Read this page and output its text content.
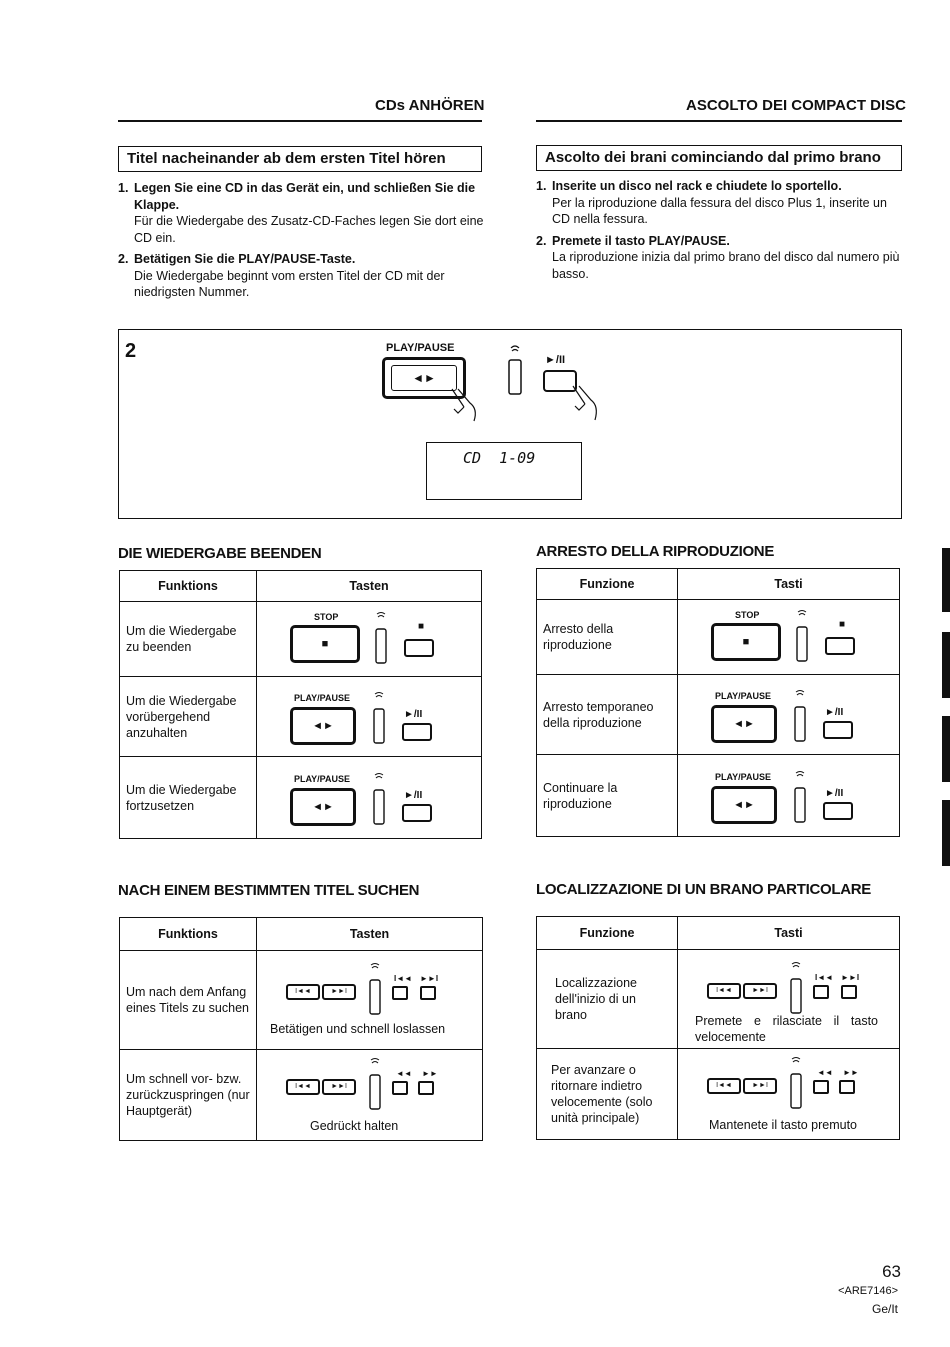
CDs ANHÖREN	ASCOLTO DEI COMPACT DISC
Titel nacheinander ab dem ersten Titel hören	Ascolto dei brani cominciando dal primo brano
1. Legen Sie eine CD in das Gerät ein, und schließen Sie die Klappe.
Für die Wiedergabe des Zusatz-CD-Faches legen Sie dort eine CD ein.
2. Betätigen Sie die PLAY/PAUSE-Taste.
Die Wiedergabe beginnt vom ersten Titel der CD mit der niedrigsten Nummer.
1. Inserite un disco nel rack e chiudete lo sportello.
Per la riproduzione dalla fessura del disco Plus 1, inserite un CD nella fessura.
2. Premete il tasto PLAY/PAUSE.
La riproduzione inizia dal primo brano del disco dal numero più basso.
2	PLAY/PAUSE
◄►
►/II
CD  1-09
DIE WIEDERGABE BEENDEN	ARRESTO DELLA RIPRODUZIONE
Funktions	Tasten
Um die Wiedergabe zu beenden	STOP
■
■

Um die Wiedergabe vorübergehend anzuhalten	PLAY/PAUSE
◄►
►/II

Um die Wiedergabe fortzusetzen	PLAY/PAUSE
◄►
►/II
Funzione	Tasti
Arresto della riproduzione	STOP
■
■

Arresto temporaneo della riproduzione	PLAY/PAUSE
◄►
►/II

Continuare la riproduzione	PLAY/PAUSE
◄►
►/II
NACH EINEM BESTIMMTEN TITEL SUCHEN	LOCALIZZAZIONE DI UN BRANO PARTICOLARE
Funktions	Tasten
Um nach dem Anfang eines Titels zu suchen	I◄◄ ►►I
I◄◄ ►►I
Betätigen und schnell loslassen

Um schnell vor- bzw. zurückzuspringen (nur Hauptgerät)	I◄◄ ►►I
◄◄ ►►
Gedrückt halten
Funzione	Tasti
Localizzazione dell'inizio di un brano	I◄◄ ►►I
I◄◄ ►►I
Premete e rilasciate il tasto velocemente

Per avanzare o ritornare indietro velocemente (solo unità principale)	I◄◄ ►►I
◄◄ ►►
Mantenete il tasto premuto
63
<ARE7146>
Ge/It
